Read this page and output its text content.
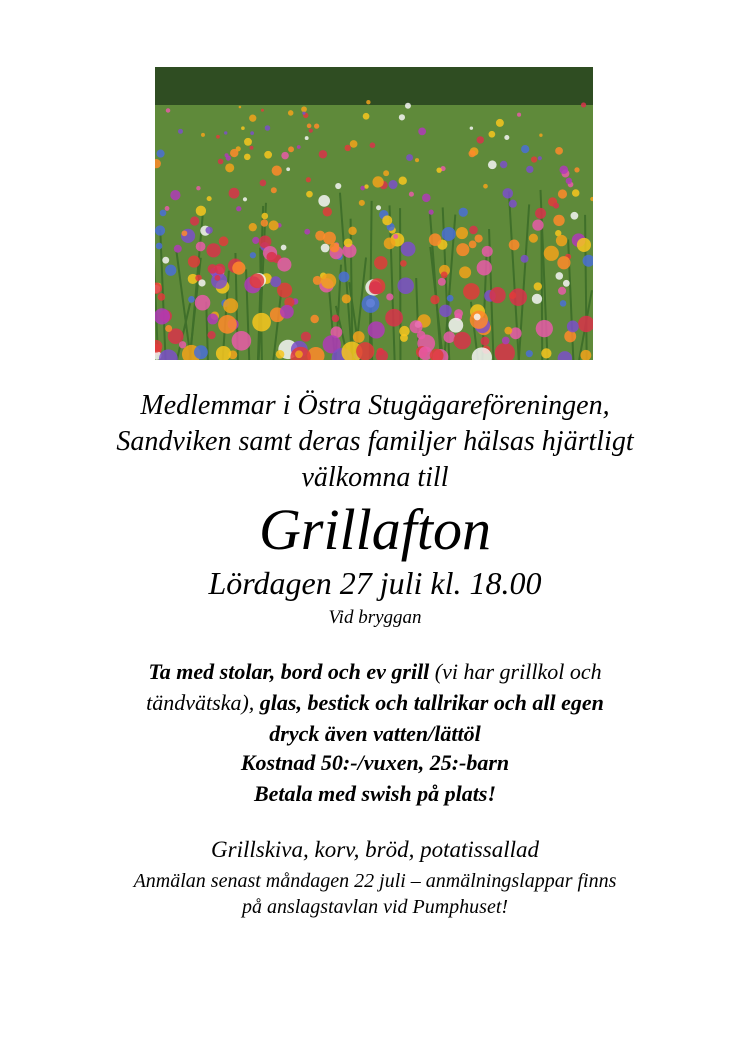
Medlemmar i Östra Stugägareföreningen,
Sandviken samt deras familjer hälsas hjärtligt
välkomna till
Grillafton
Lördagen 27 juli kl. 18.00
Vid bryggan
Ta med stolar, bord och ev grill (vi har grillkol och
tändvätska), glas, bestick och tallrikar och all egen
dryck även vatten/lättöl
Kostnad 50:-/vuxen, 25:-barn
Betala med swish på plats!
Grillskiva, korv, bröd, potatissallad
Anmälan senast måndagen 22 juli – anmälningslappar finns
på anslagstavlan vid Pumphuset!
